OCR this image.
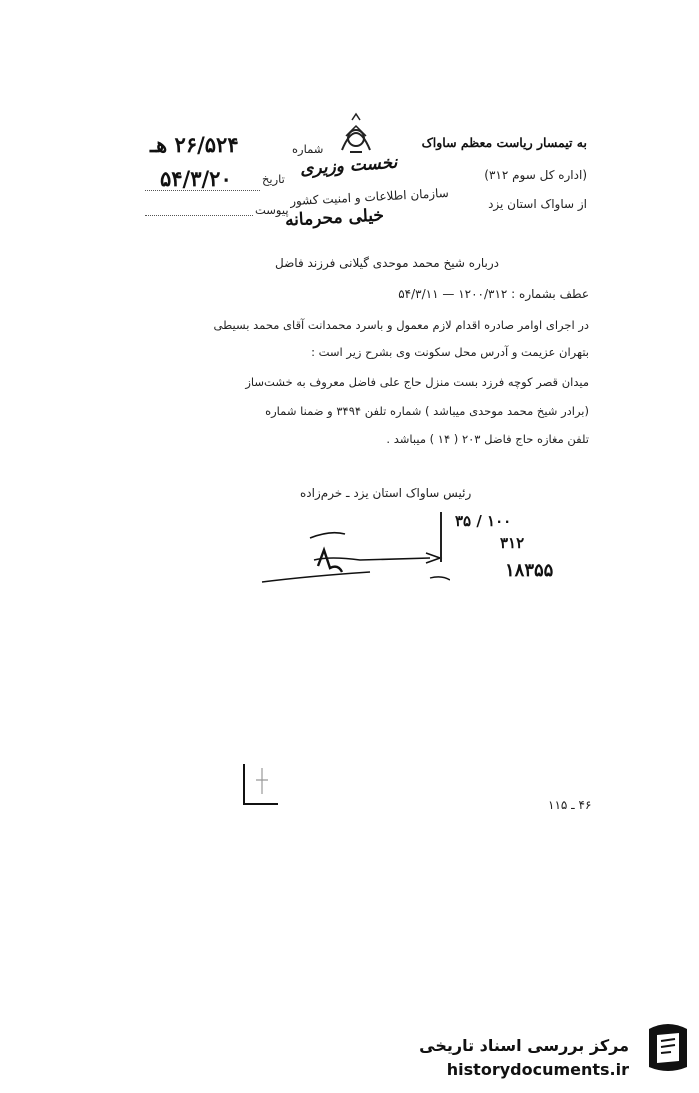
به تیمسار ریاست معظم ساواک
شماره
۲۶/۵۲۴ هـ
نخست وزیری	(اداره کل سوم ۳۱۲)
تاریخ
۵۴/۳/۲۰
سازمان اطلاعات و امنیت کشور	از ساواک استان یزد
پیوست
خیلی محرمانه
درباره شیخ محمد موحدی گیلانی فرزند فاضل
عطف بشماره : ۱۲۰۰/۳۱۲ — ۵۴/۳/۱۱
در اجرای اوامر صادره اقدام لازم معمول و باسرد محمدانت آقای محمد بسیطی
بتهران عزیمت و آدرس محل سکونت وی بشرح زیر است :
میدان قصر کوچه فرزد بست منزل حاج علی فاضل معروف به خشت‌ساز
(برادر شیخ محمد موحدی میباشد ) شماره تلفن ۳۴۹۴ و ضمنا شماره
تلفن مغازه حاج فاضل ۲۰۳ ( ۱۴ ) میباشد .
رئیس ساواک استان یزد ـ خرم‌زاده
۳۵ / ۱۰۰
۳۱۲
۱۸۳۵۵
۴۶ ـ ۱۱۵
مرکز بررسی اسناد تاریخی
historydocuments.ir
